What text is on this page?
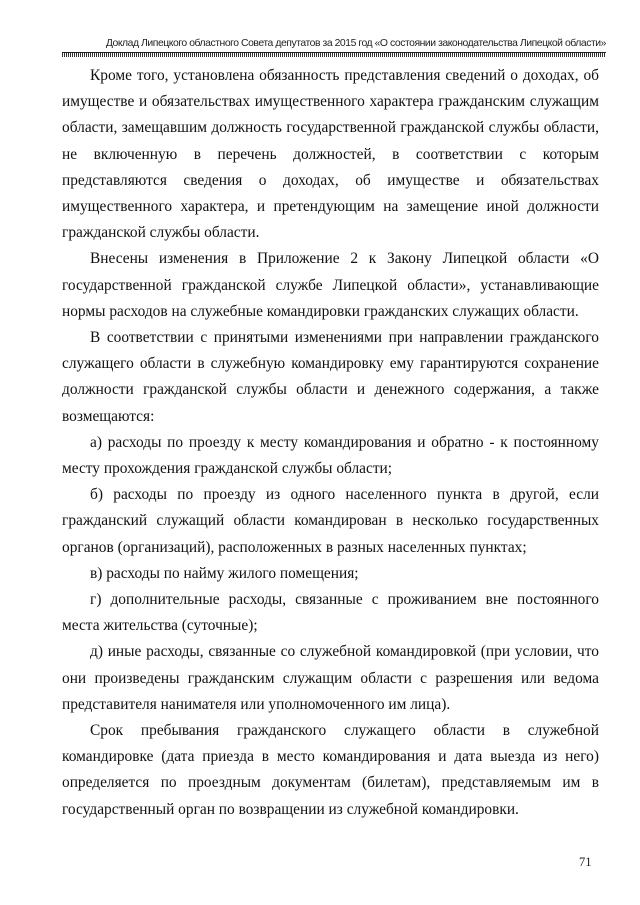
Доклад Липецкого областного Совета депутатов за 2015 год «О состоянии законодательства Липецкой области»

Кроме того, установлена обязанность представления сведений о доходах, об имуществе и обязательствах имущественного характера гражданским служащим области, замещавшим должность государственной гражданской службы области, не включенную в перечень должностей, в соответствии с которым представляются сведения о доходах, об имуществе и обязательствах имущественного характера, и претендующим на замещение иной должности гражданской службы области.

Внесены изменения в Приложение 2 к Закону Липецкой области «О государственной гражданской службе Липецкой области», устанавливающие нормы расходов на служебные командировки гражданских служащих области.

В соответствии с принятыми изменениями при направлении гражданского служащего области в служебную командировку ему гарантируются сохранение должности гражданской службы области и денежного содержания, а также возмещаются:

а) расходы по проезду к месту командирования и обратно - к постоянному месту прохождения гражданской службы области;

б) расходы по проезду из одного населенного пункта в другой, если гражданский служащий области командирован в несколько государственных органов (организаций), расположенных в разных населенных пунктах;

в) расходы по найму жилого помещения;

г) дополнительные расходы, связанные с проживанием вне постоянного места жительства (суточные);

д) иные расходы, связанные со служебной командировкой (при условии, что они произведены гражданским служащим области с разрешения или ведома представителя нанимателя или уполномоченного им лица).

Срок пребывания гражданского служащего области в служебной командировке (дата приезда в место командирования и дата выезда из него) определяется по проездным документам (билетам), представляемым им в государственный орган по возвращении из служебной командировки.

71
